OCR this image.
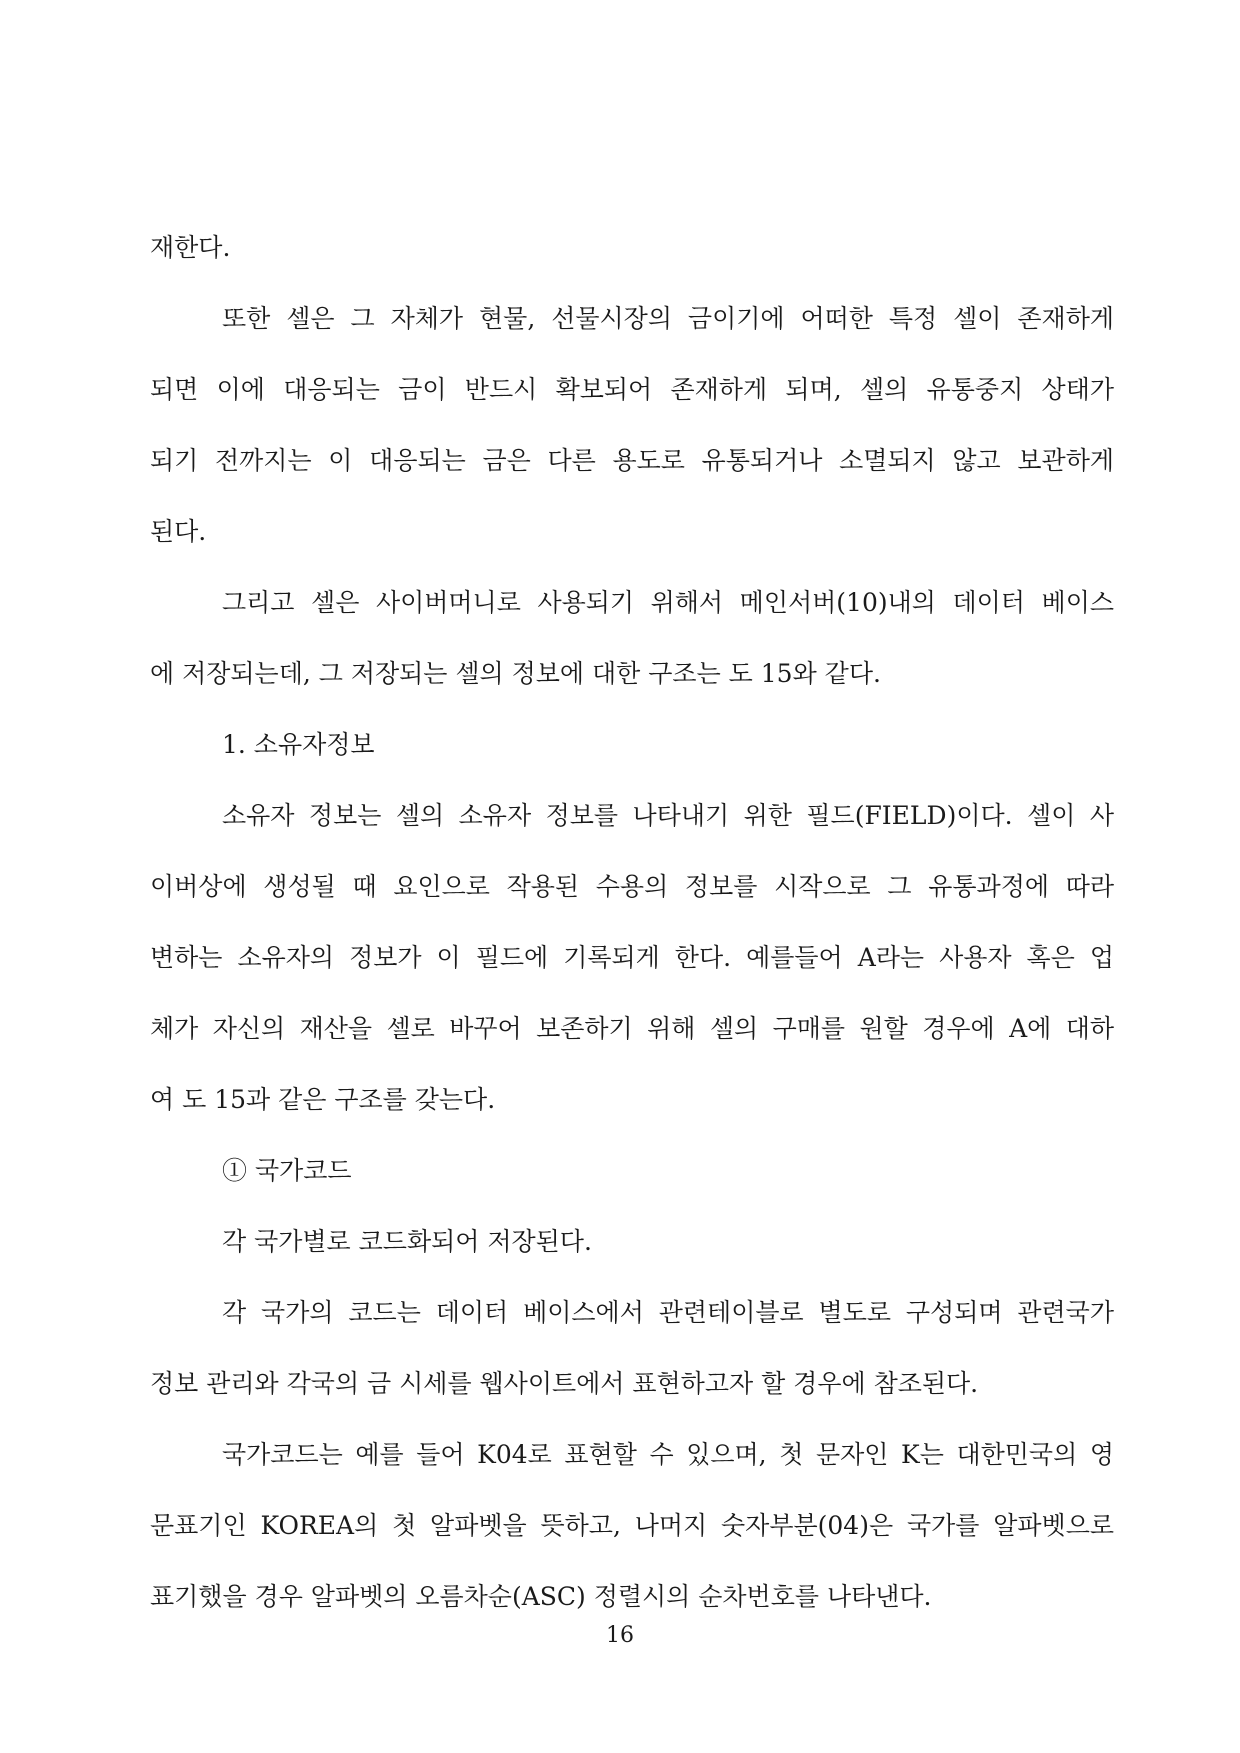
재한다.
또한 셀은 그 자체가 현물, 선물시장의 금이기에 어떠한 특정 셀이 존재하게
되면 이에 대응되는 금이 반드시 확보되어 존재하게 되며, 셀의 유통중지 상태가
되기 전까지는 이 대응되는 금은 다른 용도로 유통되거나 소멸되지 않고 보관하게
된다.
그리고 셀은 사이버머니로 사용되기 위해서 메인서버(10)내의 데이터 베이스
에 저장되는데, 그 저장되는 셀의 정보에 대한 구조는 도 15와 같다.
1. 소유자정보
소유자 정보는 셀의 소유자 정보를 나타내기 위한 필드(FIELD)이다. 셀이 사
이버상에 생성될 때 요인으로 작용된 수용의 정보를 시작으로 그 유통과정에 따라
변하는 소유자의 정보가 이 필드에 기록되게 한다. 예를들어 A라는 사용자 혹은 업
체가 자신의 재산을 셀로 바꾸어 보존하기 위해 셀의 구매를 원할 경우에 A에 대하
여 도 15과 같은 구조를 갖는다.
① 국가코드
각 국가별로 코드화되어 저장된다.
각 국가의 코드는 데이터 베이스에서 관련테이블로 별도로 구성되며 관련국가
정보 관리와 각국의 금 시세를 웹사이트에서 표현하고자 할 경우에 참조된다.
국가코드는 예를 들어 K04로 표현할 수 있으며, 첫 문자인 K는 대한민국의 영
문표기인 KOREA의 첫 알파벳을 뜻하고, 나머지 숫자부분(04)은 국가를 알파벳으로
표기했을 경우 알파벳의 오름차순(ASC) 정렬시의 순차번호를 나타낸다.
16
